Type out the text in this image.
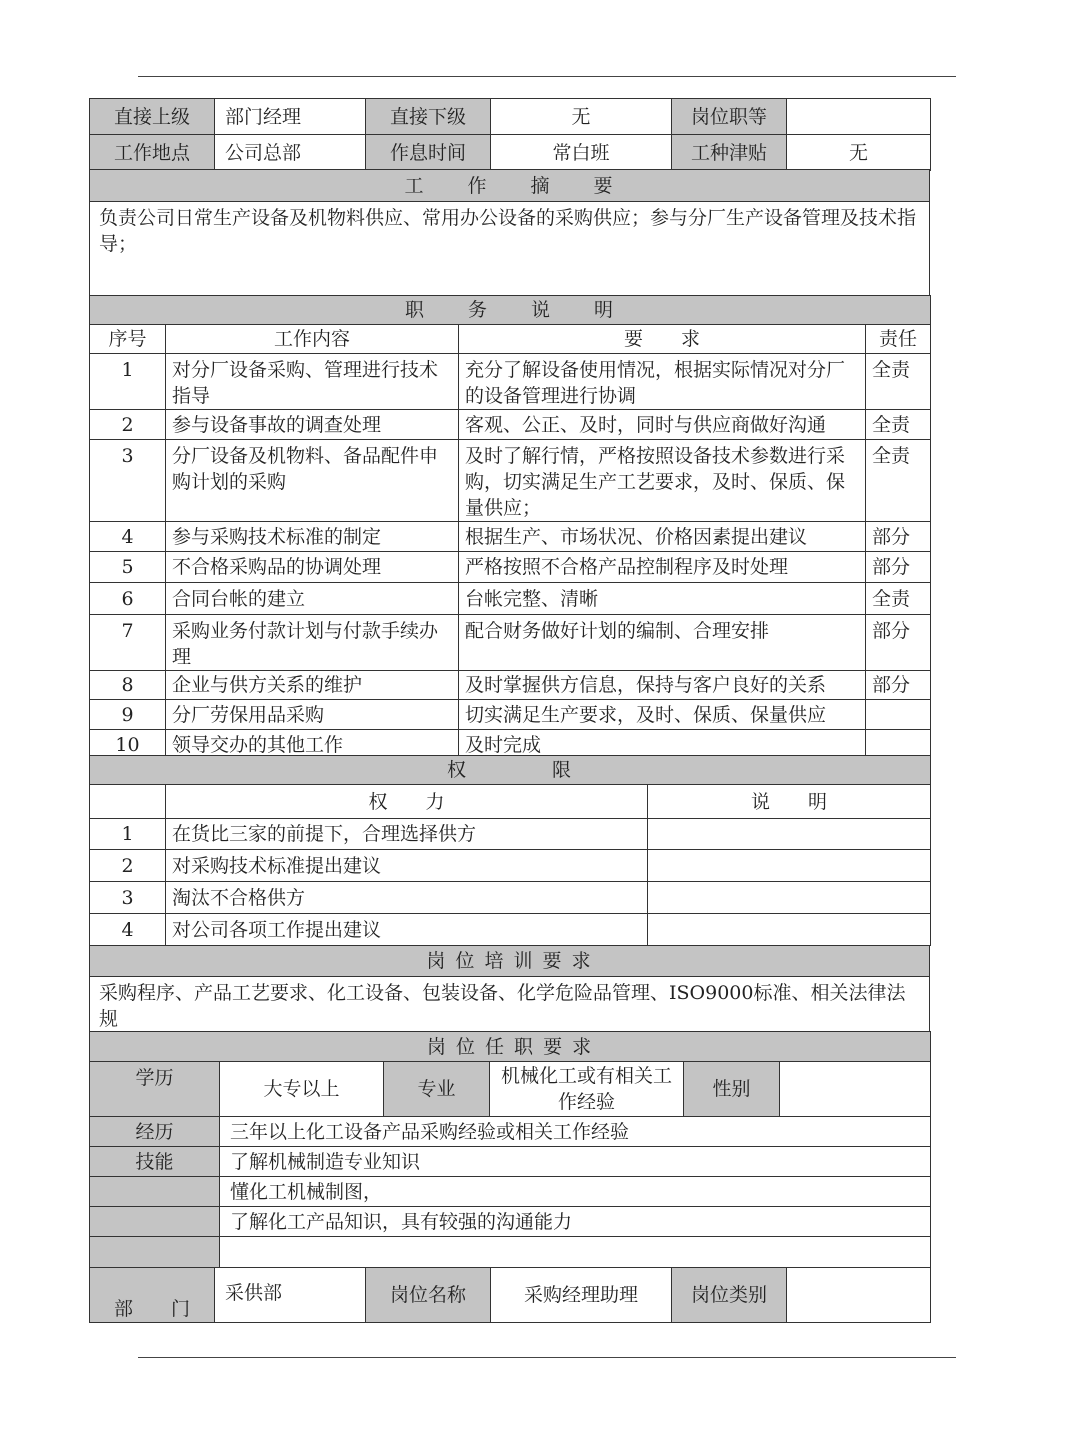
直接上级	部门经理	直接下级	无	岗位职等	
工作地点	公司总部	作息时间	常白班	工种津贴	无
工　　作　　摘　　要
负责公司日常生产设备及机物料供应、常用办公设备的采购供应；参与分厂生产设备管理及技术指导；
职　　务　　说　　明			
序号	工作内容	要　　求	责任
1	对分厂设备采购、管理进行技术指导	充分了解设备使用情况，根据实际情况对分厂的设备管理进行协调	全责
2	参与设备事故的调查处理	客观、公正、及时，同时与供应商做好沟通	全责
3	分厂设备及机物料、备品配件申购计划的采购	及时了解行情，严格按照设备技术参数进行采购，切实满足生产工艺要求，及时、保质、保量供应；	全责
4	参与采购技术标准的制定	根据生产、市场状况、价格因素提出建议	部分
5	不合格采购品的协调处理	严格按照不合格产品控制程序及时处理	部分
6	合同台帐的建立	台帐完整、清晰	全责
7	采购业务付款计划与付款手续办理	配合财务做好计划的编制、合理安排	部分
8	企业与供方关系的维护	及时掌握供方信息，保持与客户良好的关系	部分
9	分厂劳保用品采购	切实满足生产要求，及时、保质、保量供应	
10	领导交办的其他工作	及时完成	
权　　　　限		
	权　　力	说　　明
1	在货比三家的前提下，合理选择供方	
2	对采购技术标准提出建议	
3	淘汰不合格供方	
4	对公司各项工作提出建议	
岗 位 培 训 要 求
采购程序、产品工艺要求、化工设备、包装设备、化学危险品管理、ISO9000标准、相关法律法规
岗 位 任 职 要 求					
学历	大专以上	专业	机械化工或有相关工作经验	性别	
经历	三年以上化工设备产品采购经验或相关工作经验				
技能	了解机械制造专业知识				
	懂化工机械制图，				
	了解化工产品知识，具有较强的沟通能力				

部　　门	采供部	岗位名称	采购经理助理	岗位类别	
